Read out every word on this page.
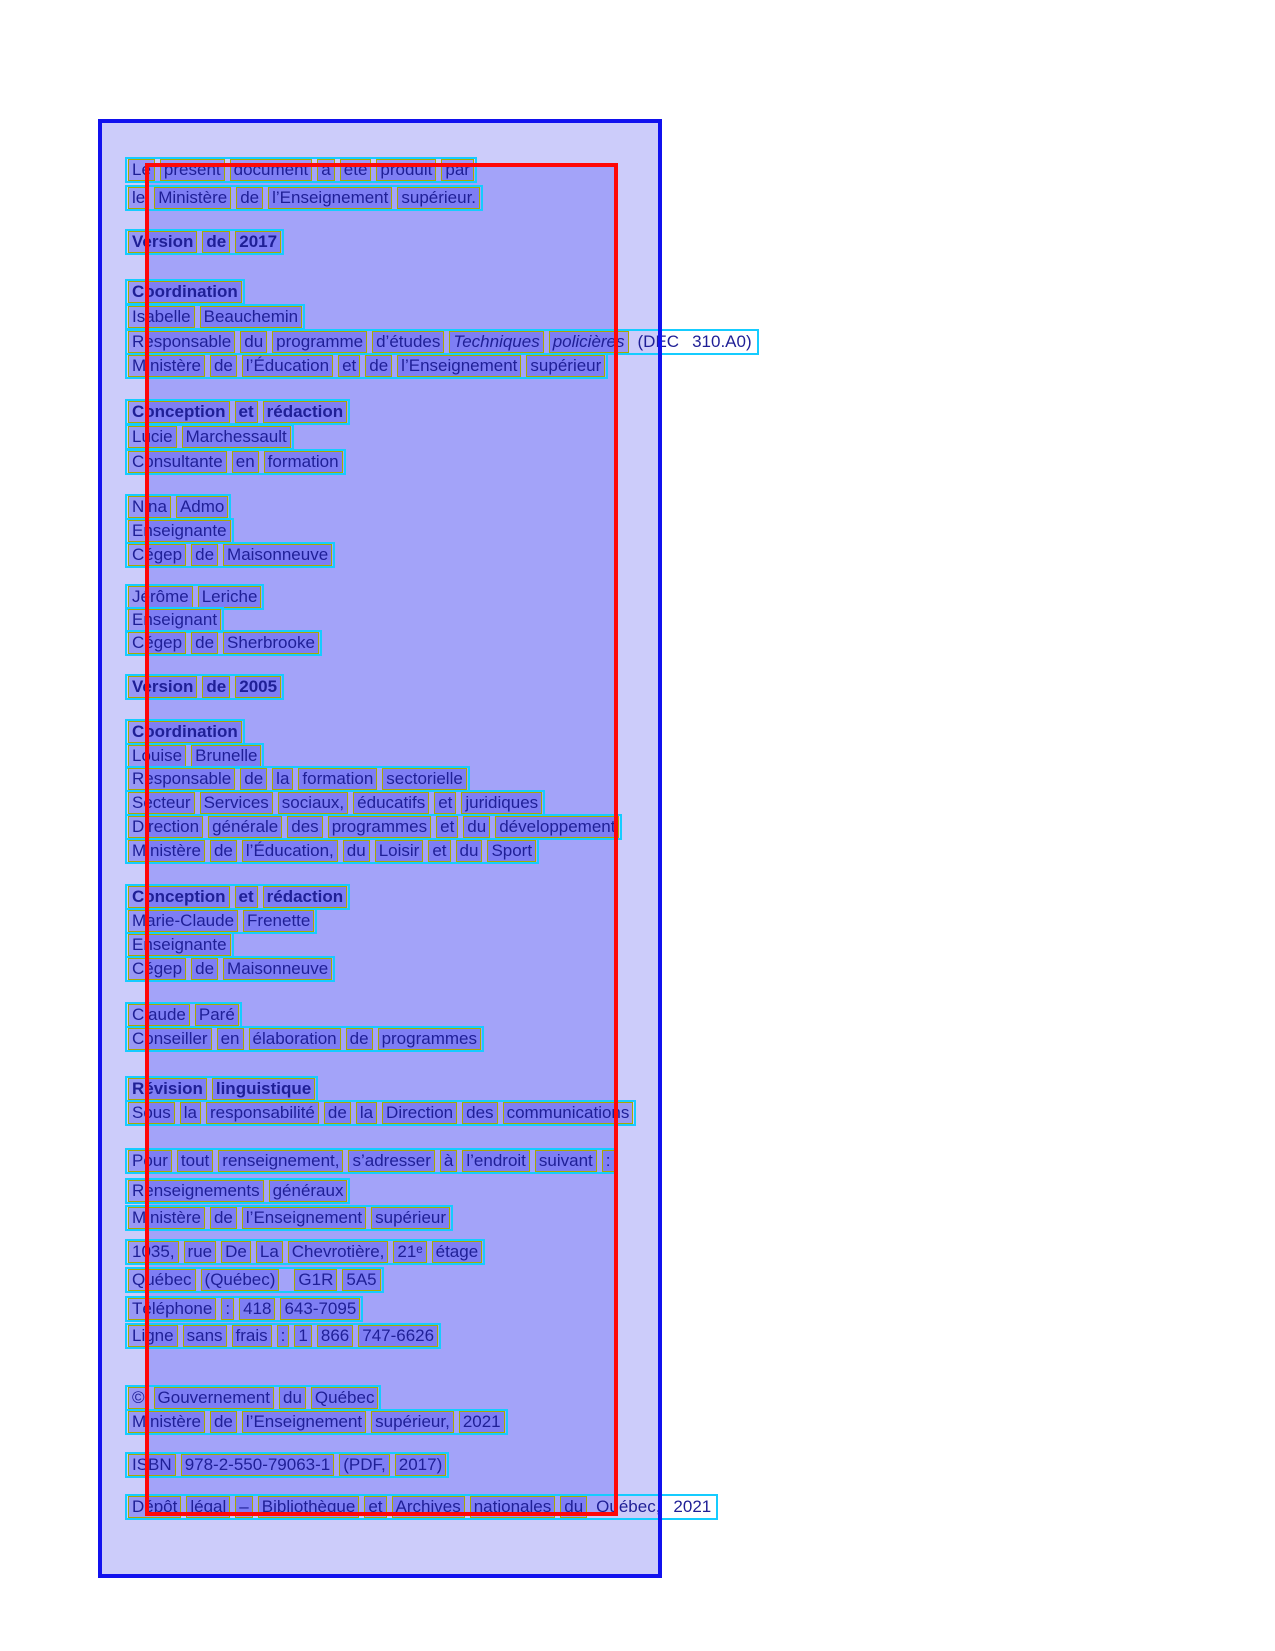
Le présent document a été produit par
le Ministère de l’Enseignement supérieur.
Version de 2017
Coordination
Isabelle Beauchemin
Responsable du programme d’études Techniques policières (DEC 310.A0)
Ministère de l’Éducation et de l’Enseignement supérieur
Conception et rédaction
Lucie Marchessault
Consultante en formation
Nina Admo
Enseignante
Cégep de Maisonneuve
Jérôme Leriche
Enseignant
Cégep de Sherbrooke
Version de 2005
Coordination
Louise Brunelle
Responsable de la formation sectorielle
Secteur Services sociaux, éducatifs et juridiques
Direction générale des programmes et du développement
Ministère de l’Éducation, du Loisir et du Sport
Conception et rédaction
Marie-Claude Frenette
Enseignante
Cégep de Maisonneuve
Claude Paré
Conseiller en élaboration de programmes
Révision linguistique
Sous la responsabilité de la Direction des communications
Pour tout renseignement, s’adresser à l’endroit suivant :
Renseignements généraux
Ministère de l’Enseignement supérieur
1035, rue De La Chevrotière, 21ᵉ étage
Québec (Québec) G1R 5A5
Téléphone : 418 643-7095
Ligne sans frais : 1 866 747-6626
© Gouvernement du Québec
Ministère de l’Enseignement supérieur, 2021
ISBN 978-2-550-79063-1 (PDF, 2017)
Dépôt légal – Bibliothèque et Archives nationales du Québec, 2021
